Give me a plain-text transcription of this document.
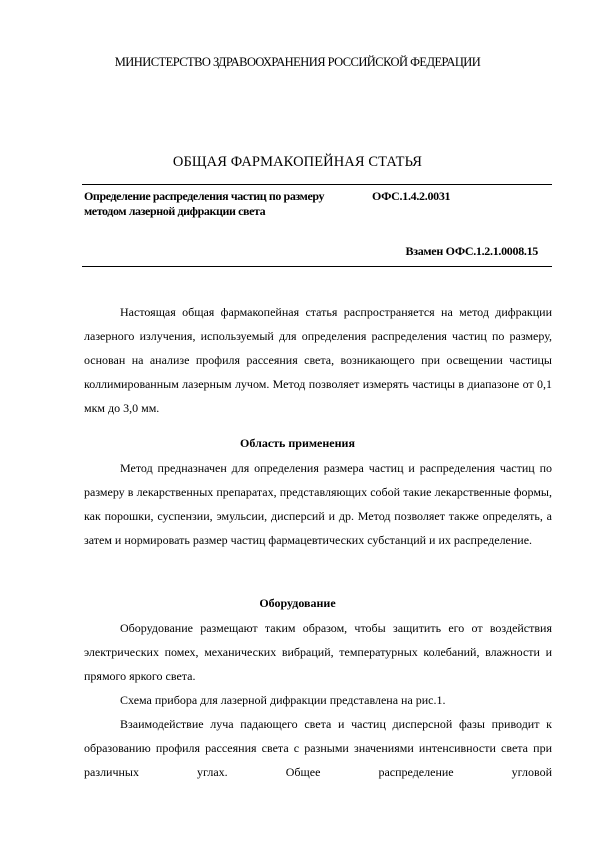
МИНИСТЕРСТВО ЗДРАВООХРАНЕНИЯ РОССИЙСКОЙ ФЕДЕРАЦИИ
ОБЩАЯ ФАРМАКОПЕЙНАЯ СТАТЬЯ
Определение распределения частиц по размеру методом лазерной дифракции света
ОФС.1.4.2.0031
Взамен ОФС.1.2.1.0008.15

Настоящая общая фармакопейная статья распространяется на метод дифракции лазерного излучения, используемый для определения распределения частиц по размеру, основан на анализе профиля рассеяния света, возникающего при освещении частицы коллимированным лазерным лучом. Метод позволяет измерять частицы в диапазоне от 0,1 мкм до 3,0 мм.

Область применения

Метод предназначен для определения размера частиц и распределения частиц по размеру в лекарственных препаратах, представляющих собой такие лекарственные формы, как порошки, суспензии, эмульсии, дисперсий и др. Метод позволяет также определять, а затем и нормировать размер частиц фармацевтических субстанций и их распределение.

Оборудование

Оборудование размещают таким образом, чтобы защитить его от воздействия электрических помех, механических вибраций, температурных колебаний, влажности и прямого яркого света.

Схема прибора для лазерной дифракции представлена на рис.1.

Взаимодействие луча падающего света и частиц дисперсной фазы приводит к образованию профиля рассеяния света с разными значениями интенсивности света при различных углах. Общее распределение угловой
